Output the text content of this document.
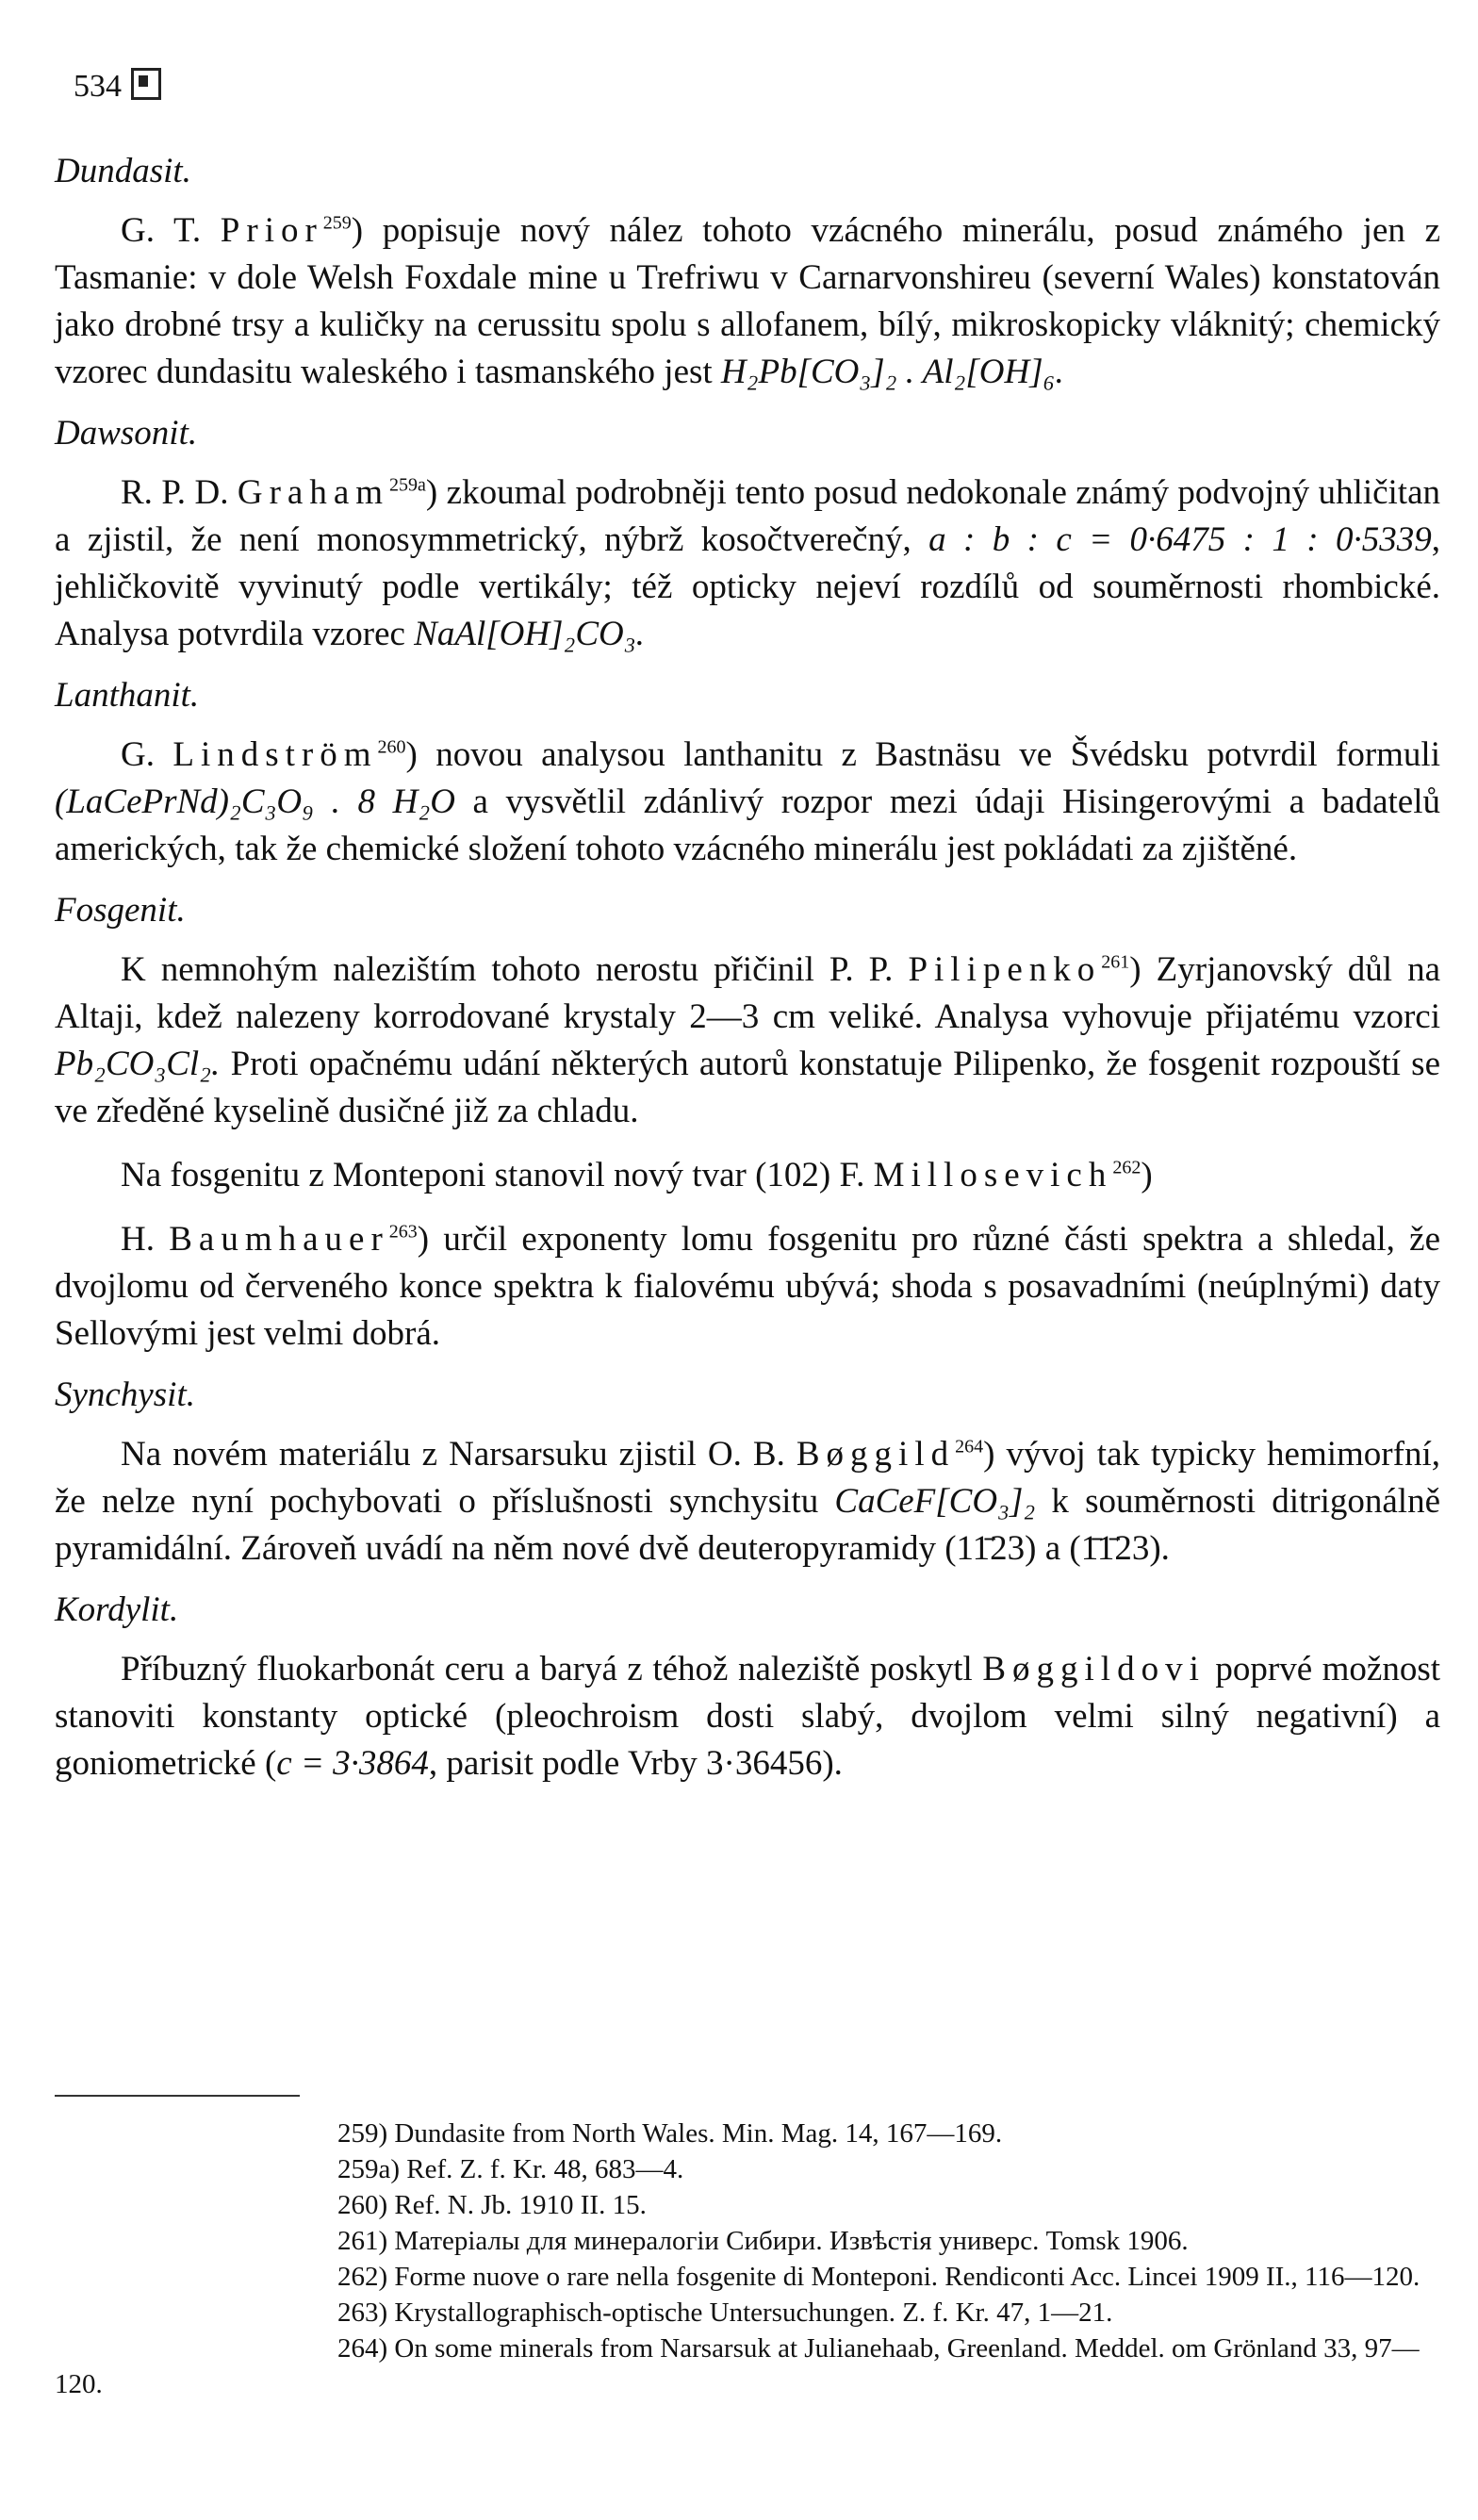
534
Dundasit.
G. T. Prior$^{259}$) popisuje nový nález tohoto vzácného minerálu, posud známého jen z Tasmanie: v dole Welsh Foxdale mine u Trefriwu v Carnarvonshireu (severní Wales) konstatován jako drobné trsy a kuličky na cerussitu spolu s allofanem, bílý, mikroskopicky vláknitý; chemický vzorec dundasitu waleského i tasmanského jest H₂Pb[CO₃]₂ . Al₂[OH]₆.
Dawsonit.
R. P. D. Graham$^{259a}$) zkoumal podrobněji tento posud nedokonale známý podvojný uhličitan a zjistil, že není monosymmetrický, nýbrž kosočtverečný, a : b : c = 0·6475 : 1 : 0·5339, jehličkovitě vyvinutý podle vertikály; též opticky nejeví rozdílů od souměrnosti rhombické. Analysa potvrdila vzorec NaAl[OH]₂CO₃.
Lanthanit.
G. Lindström$^{260}$) novou analysou lanthanitu z Bastnäsu ve Švédsku potvrdil formuli (LaCePrNd)₂C₃O₉ . 8 H₂O a vysvětlil zdánlivý rozpor mezi údaji Hisingerovými a badatelů amerických, tak že chemické složení tohoto vzácného minerálu jest pokládati za zjištěné.
Fosgenit.
K nemnohým nalezištím tohoto nerostu přičinil P. P. Pilipenko$^{261}$) Zyrjanovský důl na Altaji, kdež nalezeny korrodované krystaly 2—3 cm veliké. Analysa vyhovuje přijatému vzorci Pb₂CO₃Cl₂. Proti opačnému udání některých autorů konstatuje Pilipenko, že fosgenit rozpouští se ve zředěné kyselině dusičné již za chladu.
Na fosgenitu z Monteponi stanovil nový tvar (102) F. Millosevich$^{262}$)
H. Baumhauer$^{263}$) určil exponenty lomu fosgenitu pro různé části spektra a shledal, že dvojlomu od červeného konce spektra k fialovému ubývá; shoda s posavadními (neúplnými) daty Sellovými jest velmi dobrá.
Synchysit.
Na novém materiálu z Narsarsuku zjistil O. B. Bøggild$^{264}$) vývoj tak typicky hemimorfní, že nelze nyní pochybovati o příslušnosti synchysitu CaCeF[CO₃]₂ k souměrnosti ditrigonálně pyramidální. Zároveň uvádí na něm nové dvě deuteropyramidy (11̄23) a (1̄1̄23).
Kordylit.
Příbuzný fluokarbonát ceru a baryá z téhož naleziště poskytl Bøggildovi poprvé možnost stanoviti konstanty optické (pleochroism dosti slabý, dvojlom velmi silný negativní) a goniometrické (c = 3·3864, parisit podle Vrby 3·36456).

259) Dundasite from North Wales. Min. Mag. 14, 167—169.

259a) Ref. Z. f. Kr. 48, 683—4.

260) Ref. N. Jb. 1910 II. 15.

261) Матеріалы для минералогіи Сибири. Извѣстія универс. Tomsk 1906.

262) Forme nuove o rare nella fosgenite di Monteponi. Rendiconti Acc. Lincei 1909 II., 116—120.

263) Krystallographisch-optische Untersuchungen. Z. f. Kr. 47, 1—21.

264) On some minerals from Narsarsuk at Julianehaab, Greenland. Meddel. om Grönland 33, 97—120.
